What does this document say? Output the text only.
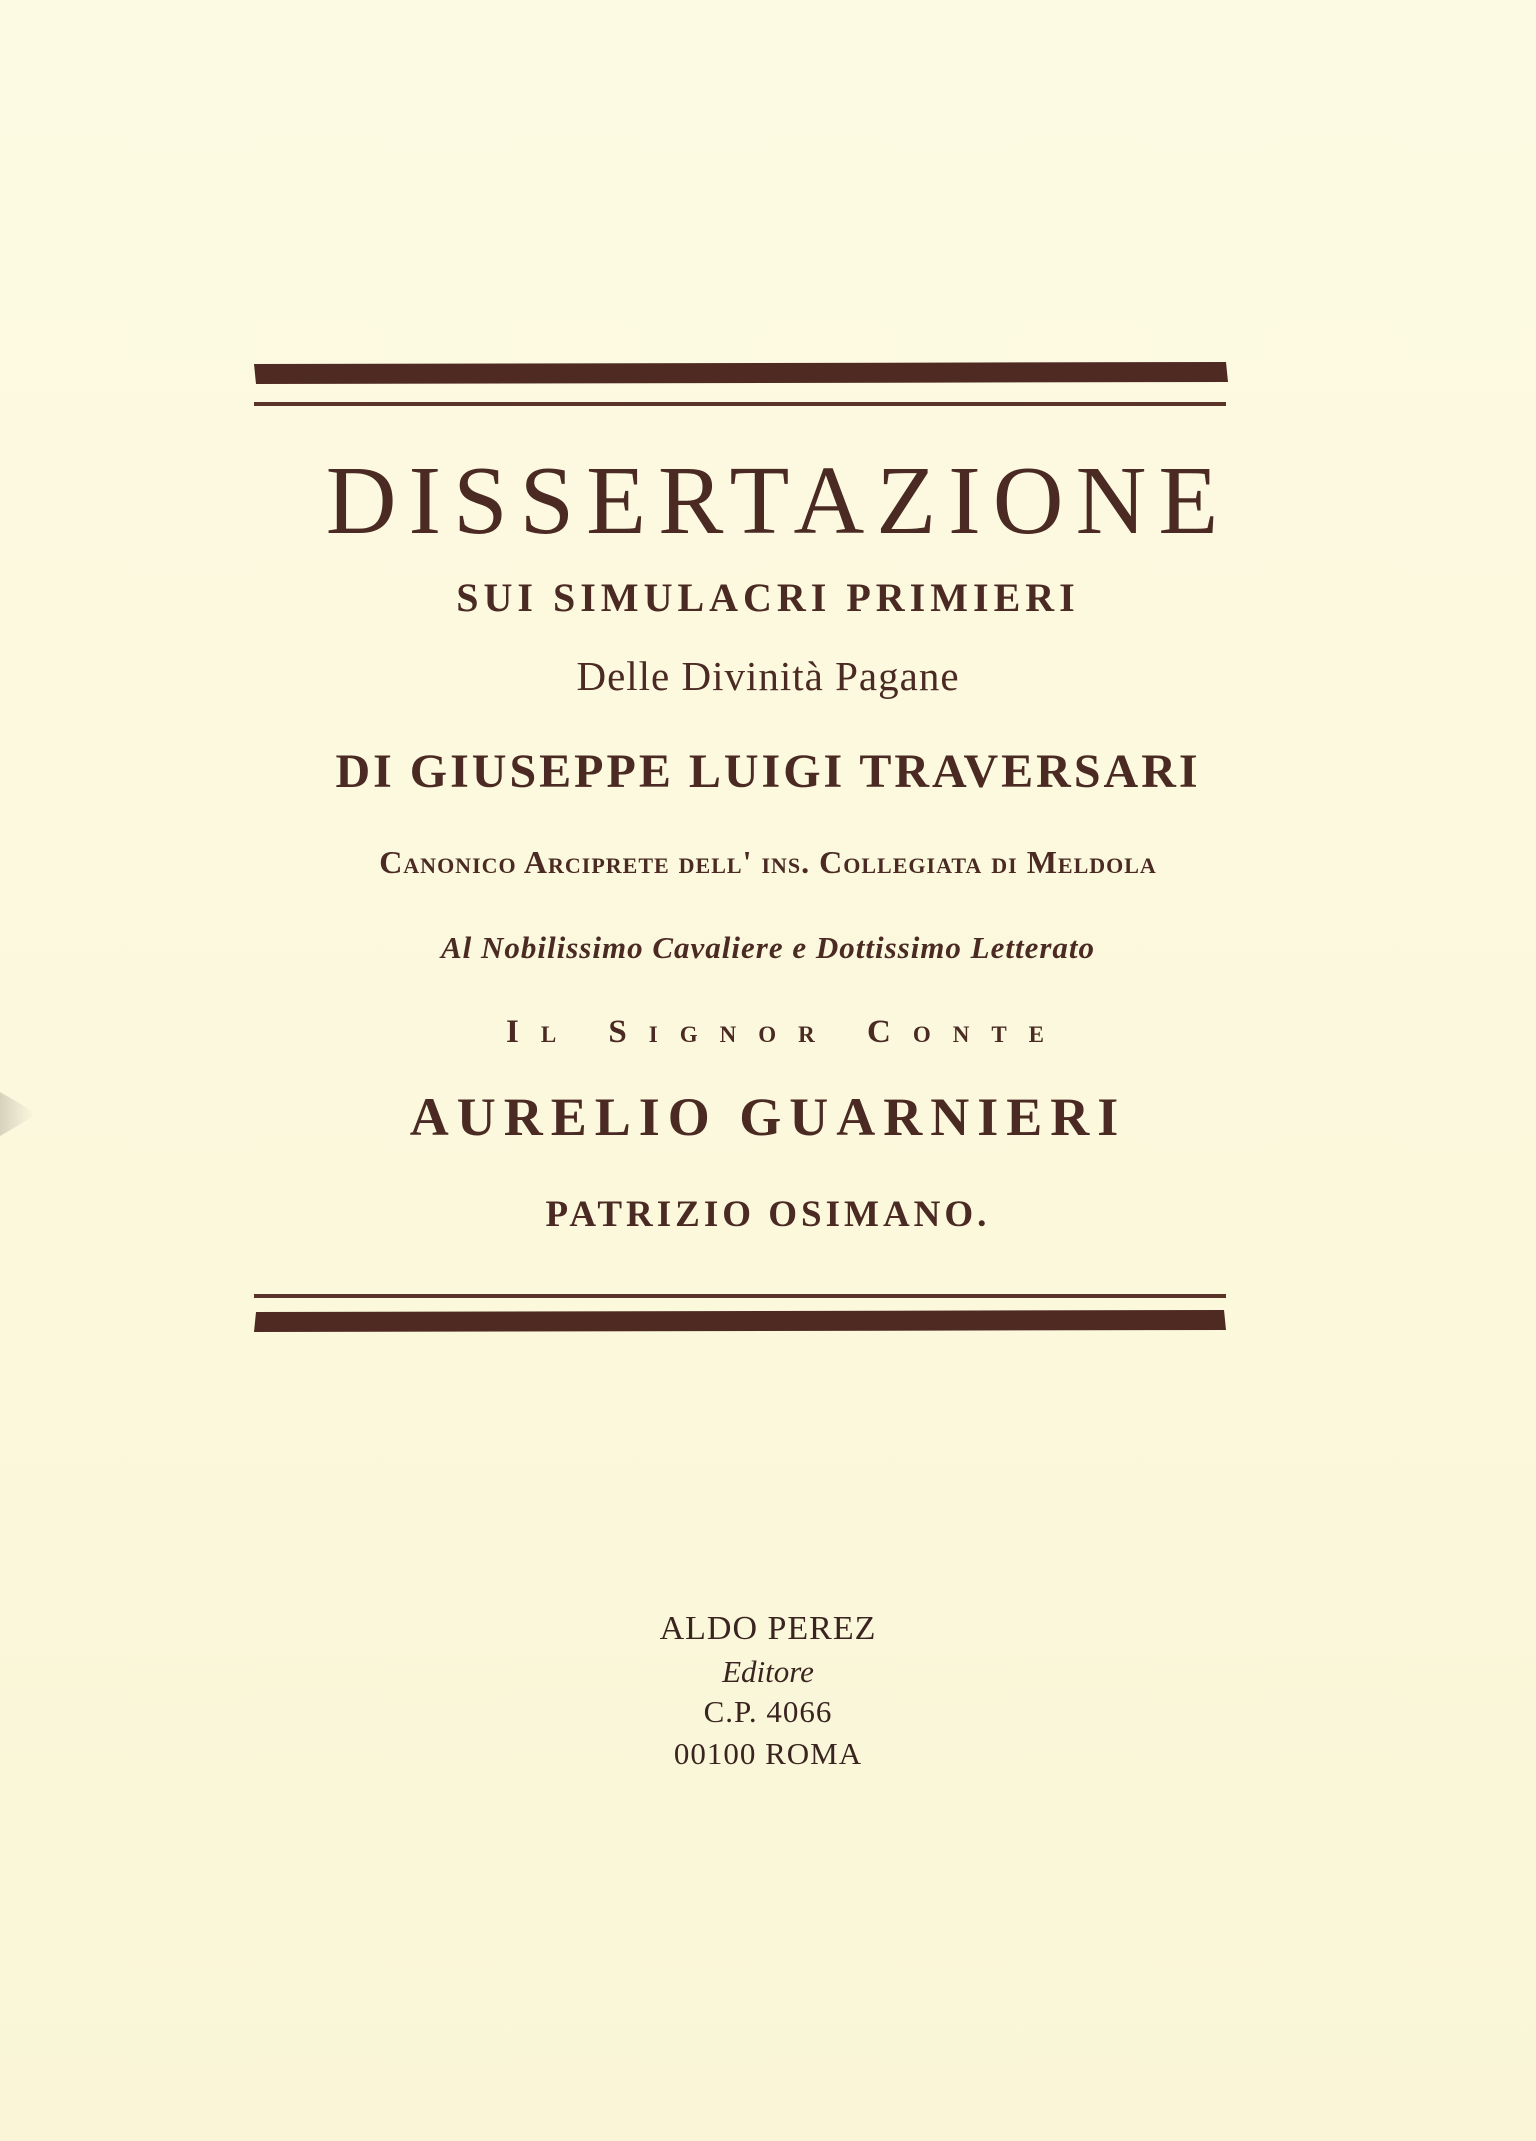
DISSERTAZIONE
SUI SIMULACRI PRIMIERI
Delle Divinità Pagane
DI GIUSEPPE LUIGI TRAVERSARI
Canonico Arciprete dell' ins. Collegiata di Meldola
Al Nobilissimo Cavaliere e Dottissimo Letterato
Il Signor Conte
AURELIO GUARNIERI
PATRIZIO OSIMANO.
ALDO PEREZ
Editore
C.P. 4066
00100 ROMA
